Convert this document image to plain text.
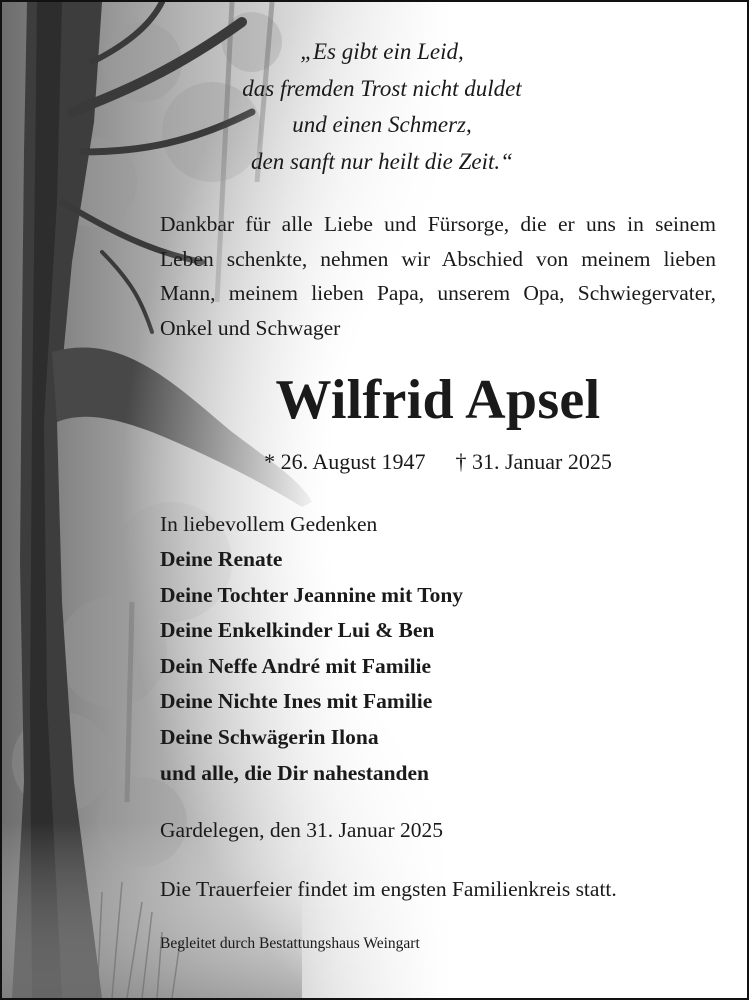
„Es gibt ein Leid,
das fremden Trost nicht duldet
und einen Schmerz,
den sanft nur heilt die Zeit.“
Dankbar für alle Liebe und Fürsorge, die er uns in seinem Leben schenkte, nehmen wir Abschied von meinem lieben Mann, meinem lieben Papa, unserem Opa, Schwiegervater, Onkel und Schwager
Wilfrid Apsel
* 26. August 1947 † 31. Januar 2025
In liebevollem Gedenken
Deine Renate
Deine Tochter Jeannine mit Tony
Deine Enkelkinder Lui & Ben
Dein Neffe André mit Familie
Deine Nichte Ines mit Familie
Deine Schwägerin Ilona
und alle, die Dir nahestanden
Gardelegen, den 31. Januar 2025
Die Trauerfeier findet im engsten Familienkreis statt.
Begleitet durch Bestattungshaus Weingart
